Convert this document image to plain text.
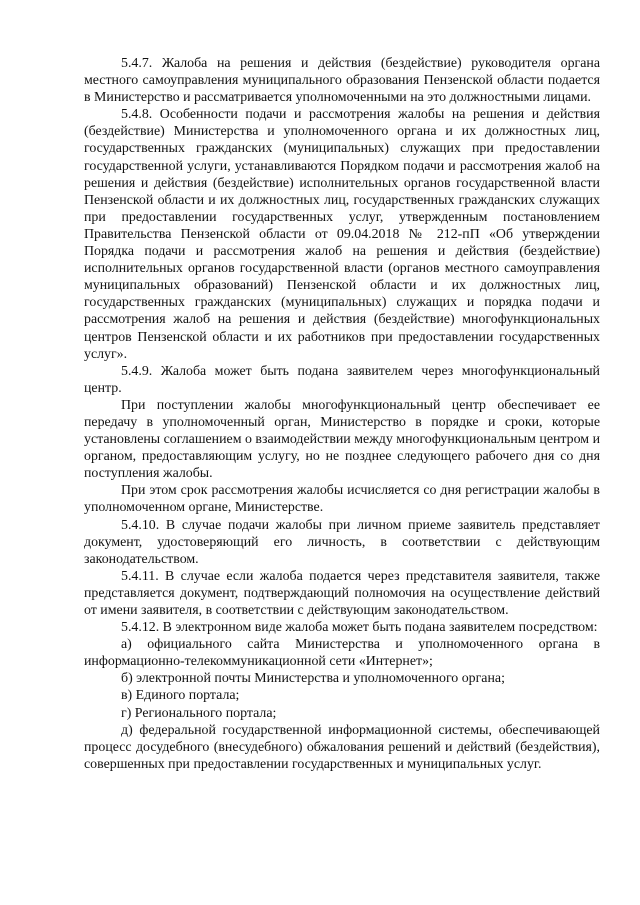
5.4.7. Жалоба на решения и действия (бездействие) руководителя органа местного самоуправления муниципального образования Пензенской области подается в Министерство и рассматривается уполномоченными на это должностными лицами.

5.4.8. Особенности подачи и рассмотрения жалобы на решения и действия (бездействие) Министерства и уполномоченного органа и их должностных лиц, государственных гражданских (муниципальных) служащих при предоставлении государственной услуги, устанавливаются Порядком подачи и рассмотрения жалоб на решения и действия (бездействие) исполнительных органов государственной власти Пензенской области и их должностных лиц, государственных гражданских служащих при предоставлении государственных услуг, утвержденным постановлением Правительства Пензенской области от 09.04.2018 № 212-пП «Об утверждении Порядка подачи и рассмотрения жалоб на решения и действия (бездействие) исполнительных органов государственной власти (органов местного самоуправления муниципальных образований) Пензенской области и их должностных лиц, государственных гражданских (муниципальных) служащих и порядка подачи и рассмотрения жалоб на решения и действия (бездействие) многофункциональных центров Пензенской области и их работников при предоставлении государственных услуг».

5.4.9. Жалоба может быть подана заявителем через многофункциональный центр.

При поступлении жалобы многофункциональный центр обеспечивает ее передачу в уполномоченный орган, Министерство в порядке и сроки, которые установлены соглашением о взаимодействии между многофункциональным центром и органом, предоставляющим услугу, но не позднее следующего рабочего дня со дня поступления жалобы.

При этом срок рассмотрения жалобы исчисляется со дня регистрации жалобы в уполномоченном органе, Министерстве.

5.4.10. В случае подачи жалобы при личном приеме заявитель представляет документ, удостоверяющий его личность, в соответствии с действующим законодательством.

5.4.11. В случае если жалоба подается через представителя заявителя, также представляется документ, подтверждающий полномочия на осуществление действий от имени заявителя, в соответствии с действующим законодательством.

5.4.12. В электронном виде жалоба может быть подана заявителем посредством:

а) официального сайта Министерства и уполномоченного органа в информационно-телекоммуникационной сети «Интернет»;

б) электронной почты Министерства и уполномоченного органа;

в) Единого портала;

г) Регионального портала;

д) федеральной государственной информационной системы, обеспечивающей процесс досудебного (внесудебного) обжалования решений и действий (бездействия), совершенных при предоставлении государственных и муниципальных услуг.
